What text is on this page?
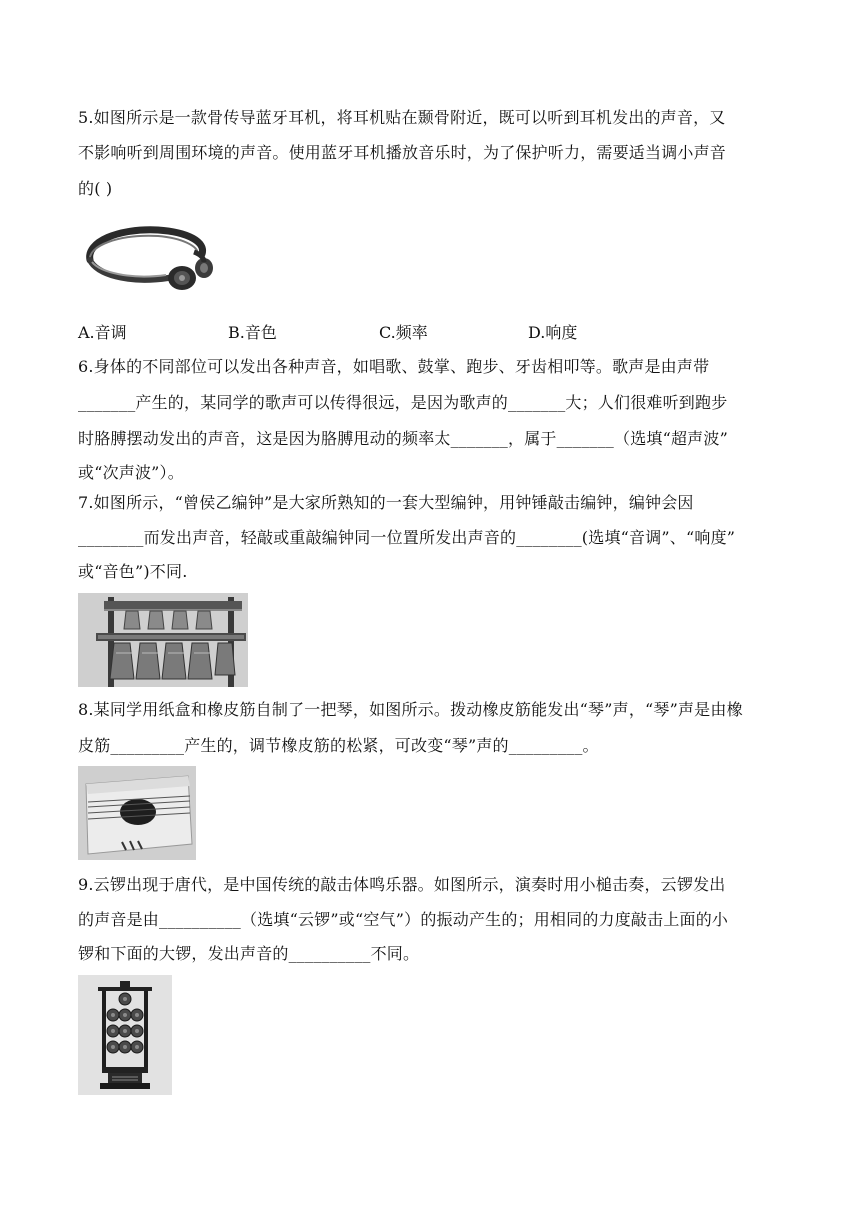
5.如图所示是一款骨传导蓝牙耳机，将耳机贴在颞骨附近，既可以听到耳机发出的声音，又
不影响听到周围环境的声音。使用蓝牙耳机播放音乐时，为了保护听力，需要适当调小声音
的( )
A.音调	B.音色	C.频率	D.响度
6.身体的不同部位可以发出各种声音，如唱歌、鼓掌、跑步、牙齿相叩等。歌声是由声带
_______产生的，某同学的歌声可以传得很远，是因为歌声的_______大；人们很难听到跑步
时胳膊摆动发出的声音，这是因为胳膊甩动的频率太_______，属于_______（选填“超声波”
或“次声波”）。
7.如图所示，“曾侯乙编钟”是大家所熟知的一套大型编钟，用钟锤敲击编钟，编钟会因
________而发出声音，轻敲或重敲编钟同一位置所发出声音的________(选填“音调”、“响度”
或“音色”)不同.
8.某同学用纸盒和橡皮筋自制了一把琴，如图所示。拨动橡皮筋能发出“琴”声，“琴”声是由橡
皮筋_________产生的，调节橡皮筋的松紧，可改变“琴”声的_________。
9.云锣出现于唐代，是中国传统的敲击体鸣乐器。如图所示，演奏时用小槌击奏，云锣发出
的声音是由__________（选填“云锣”或“空气”）的振动产生的；用相同的力度敲击上面的小
锣和下面的大锣，发出声音的__________不同。
